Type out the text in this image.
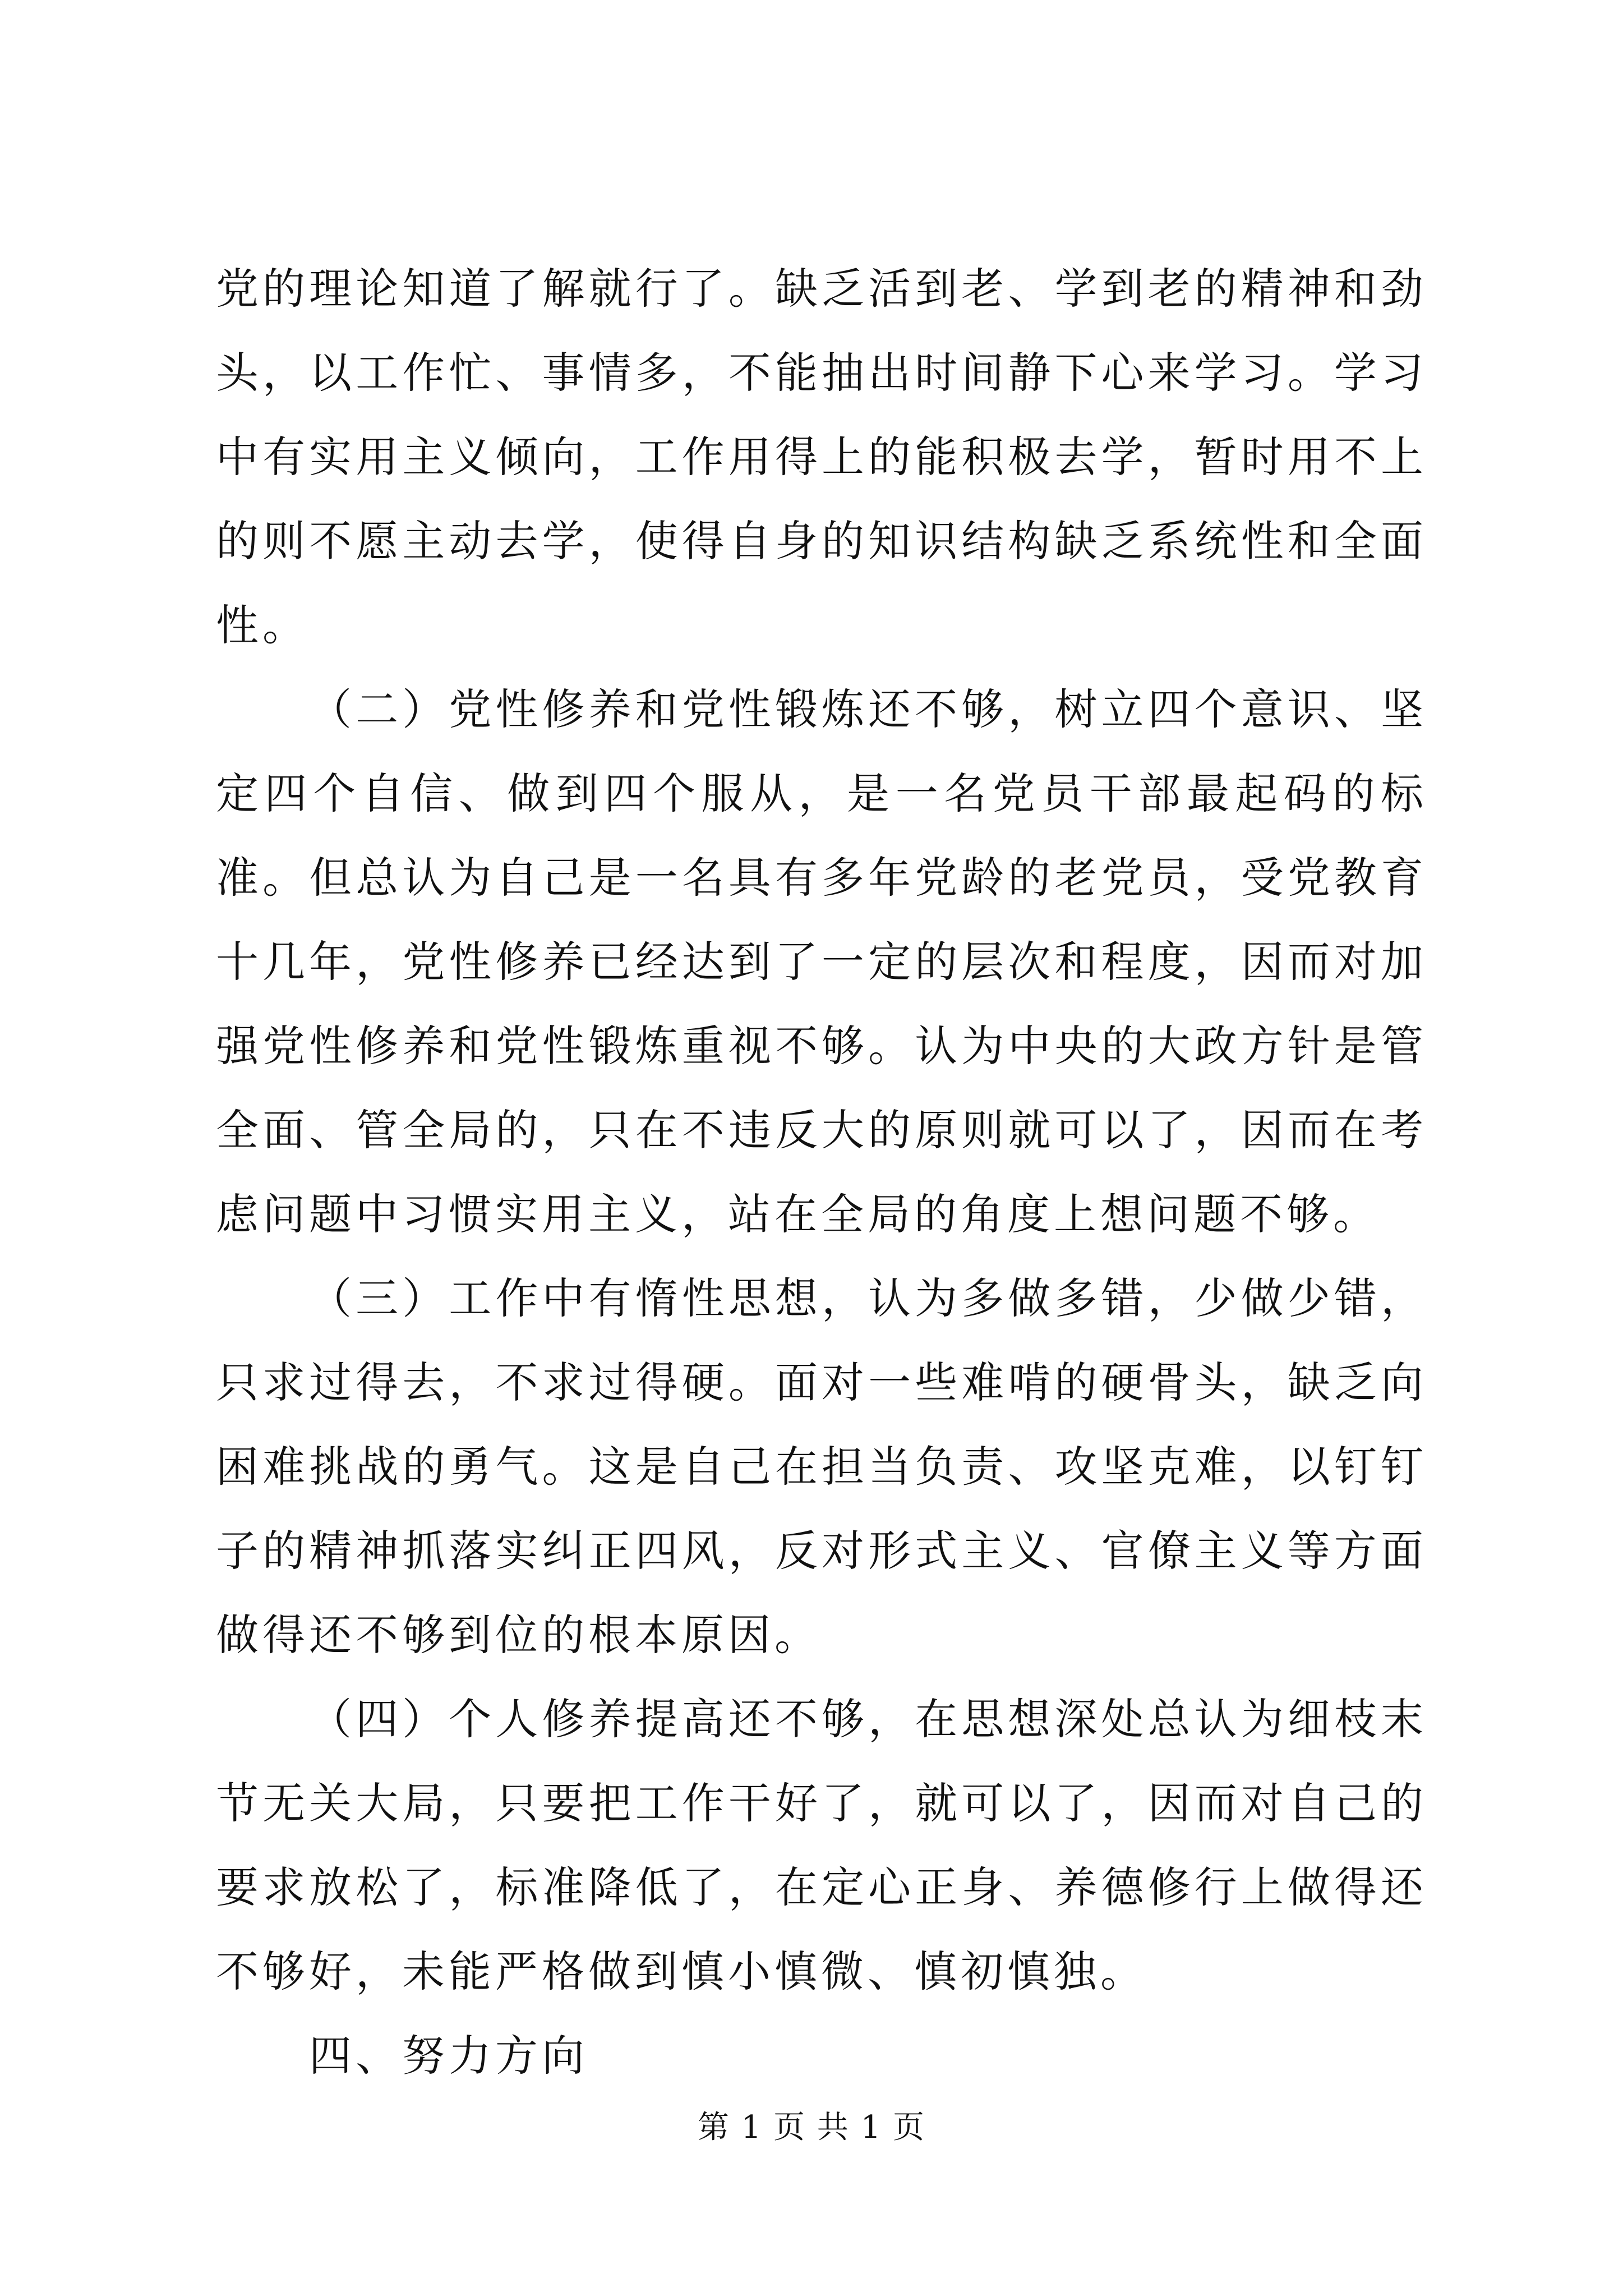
党的理论知道了解就行了。缺乏活到老、学到老的精神和劲头，以工作忙、事情多，不能抽出时间静下心来学习。学习中有实用主义倾向，工作用得上的能积极去学，暂时用不上的则不愿主动去学，使得自身的知识结构缺乏系统性和全面性。

（二）党性修养和党性锻炼还不够，树立四个意识、坚定四个自信、做到四个服从，是一名党员干部最起码的标准。但总认为自己是一名具有多年党龄的老党员，受党教育十几年，党性修养已经达到了一定的层次和程度，因而对加强党性修养和党性锻炼重视不够。认为中央的大政方针是管全面、管全局的，只在不违反大的原则就可以了，因而在考虑问题中习惯实用主义，站在全局的角度上想问题不够。

（三）工作中有惰性思想，认为多做多错，少做少错，只求过得去，不求过得硬。面对一些难啃的硬骨头，缺乏向困难挑战的勇气。这是自己在担当负责、攻坚克难，以钉钉子的精神抓落实纠正四风，反对形式主义、官僚主义等方面做得还不够到位的根本原因。

（四）个人修养提高还不够，在思想深处总认为细枝末节无关大局，只要把工作干好了，就可以了，因而对自己的要求放松了，标准降低了，在定心正身、养德修行上做得还不够好，未能严格做到慎小慎微、慎初慎独。

四、努力方向

第 1 页 共 1 页
